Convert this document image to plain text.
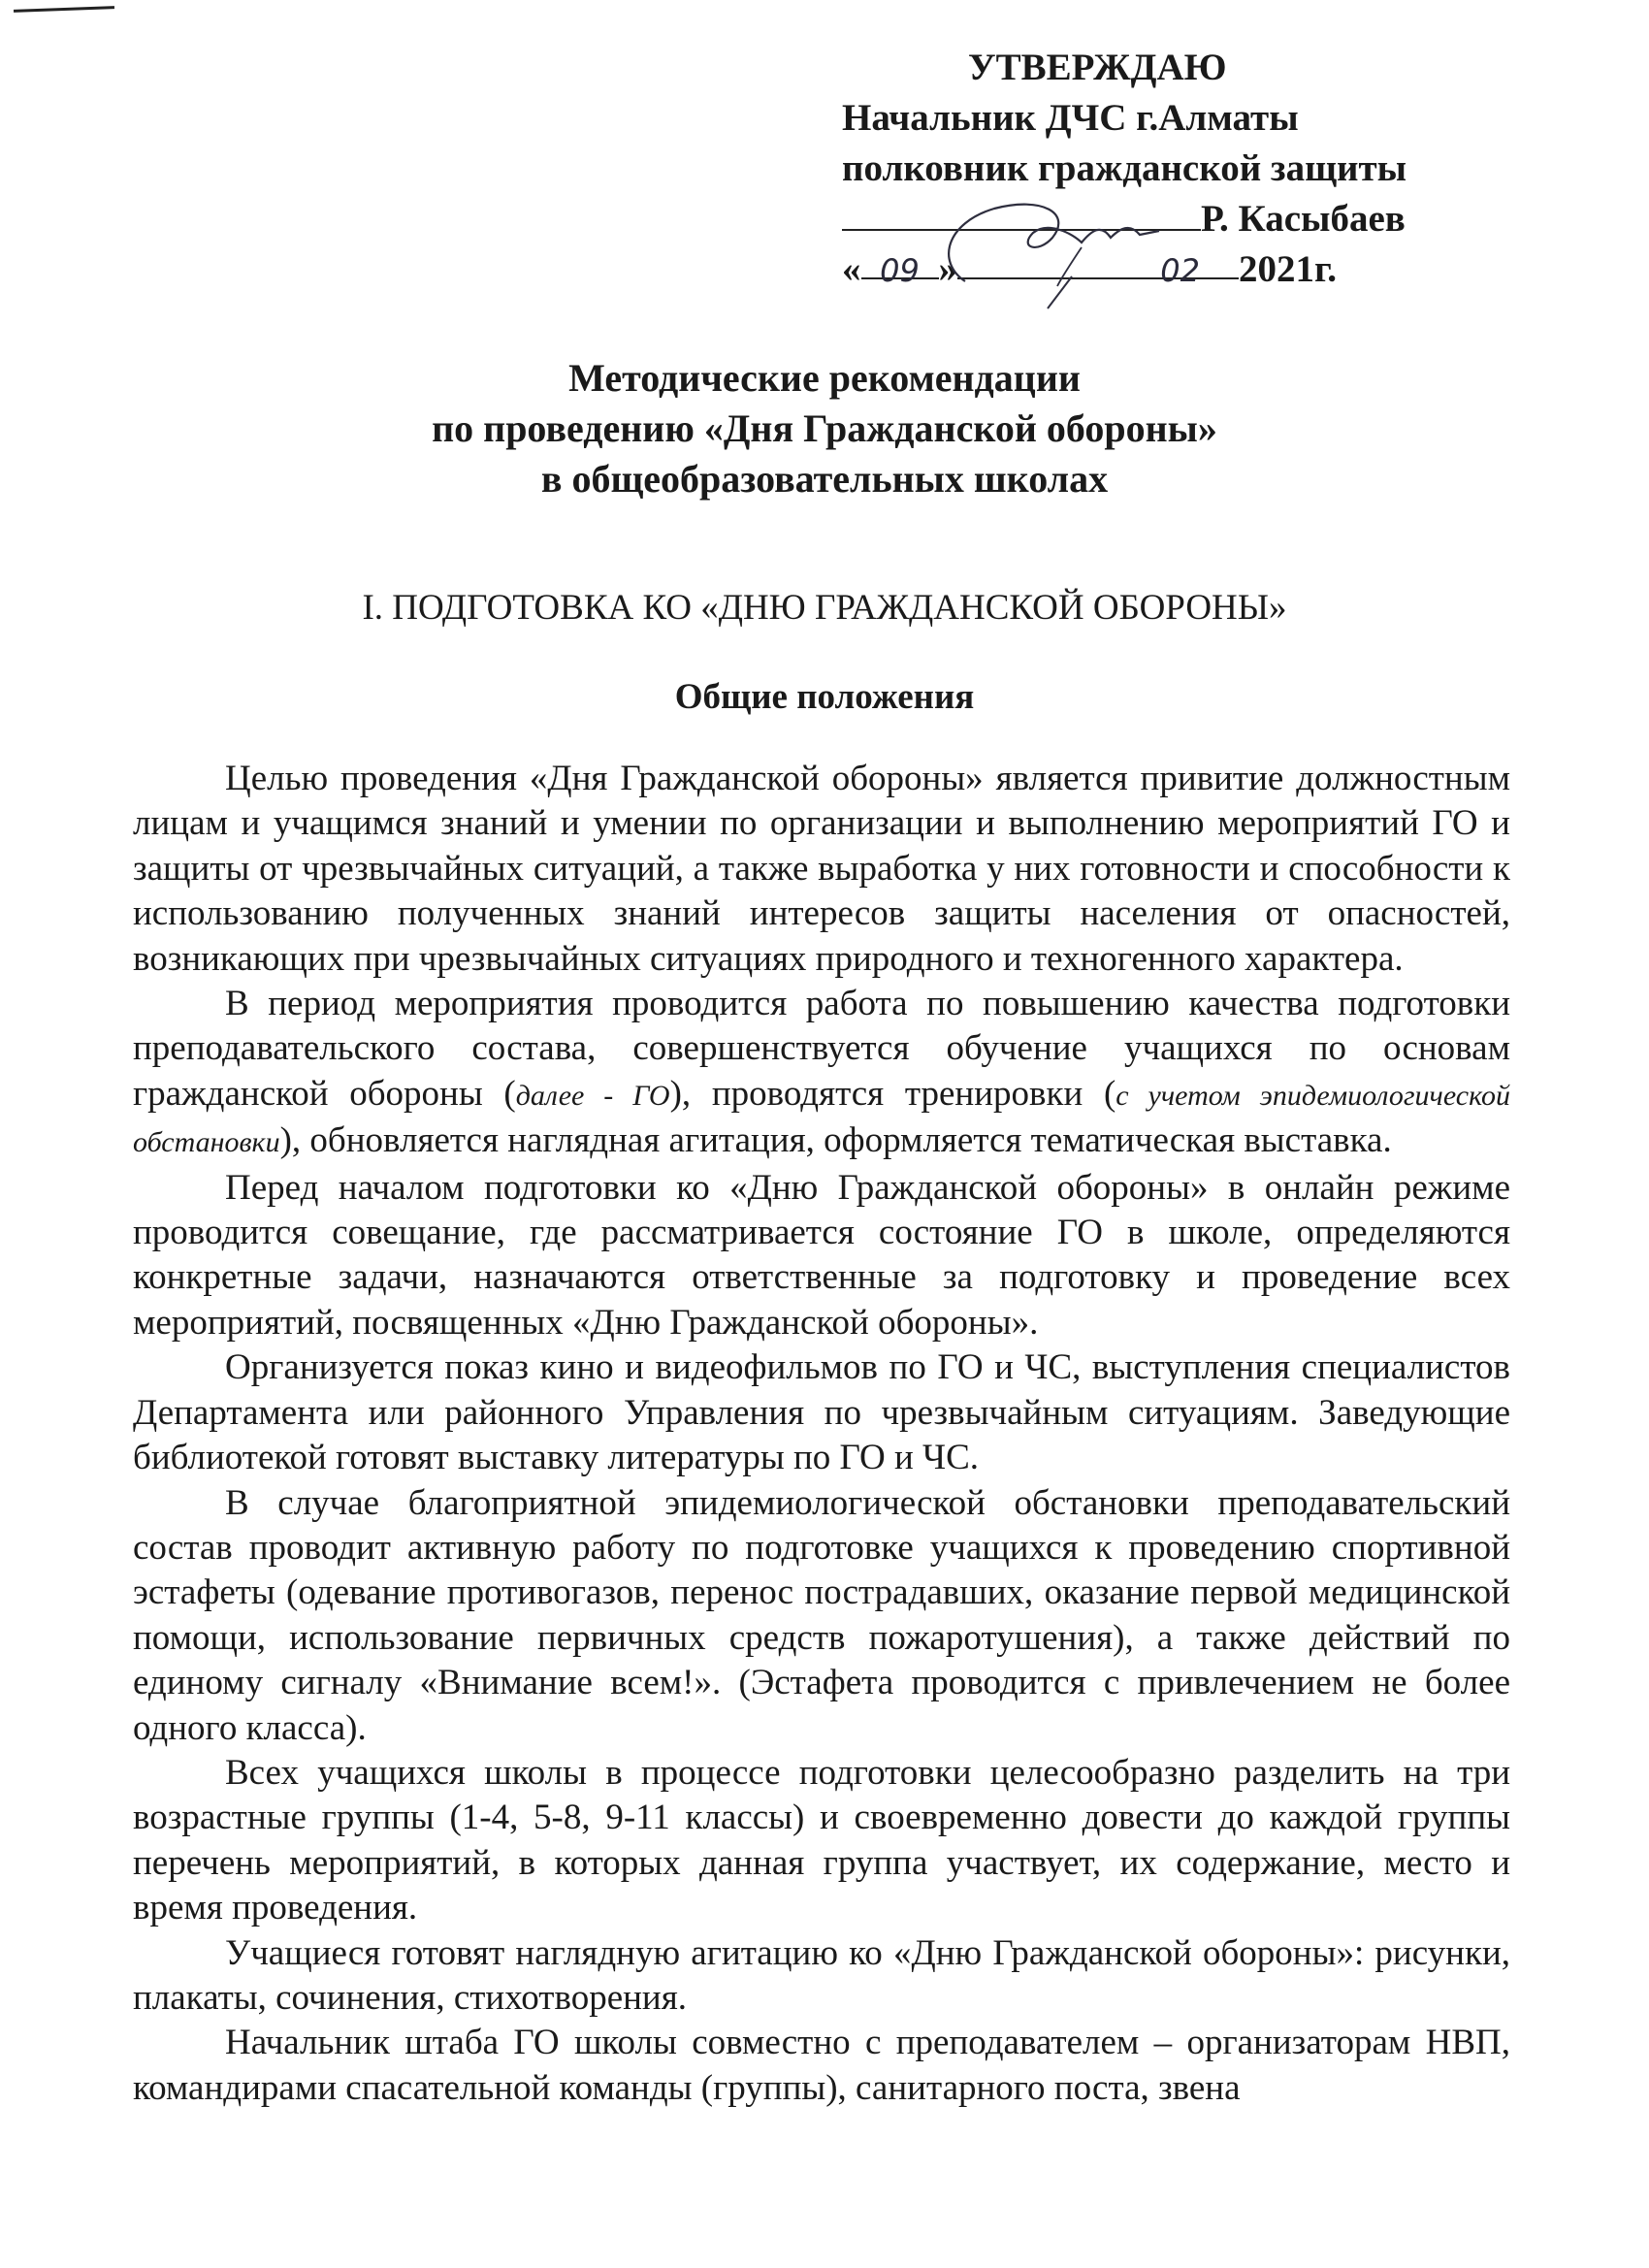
УТВЕРЖДАЮ
Начальник ДЧС г.Алматы
полковник гражданской защиты
Р. Касыбаев
« 09 »	02 2021г.
Методические рекомендации
по проведению «Дня Гражданской обороны»
в общеобразовательных школах
I. ПОДГОТОВКА КО «ДНЮ ГРАЖДАНСКОЙ ОБОРОНЫ»
Общие положения

Целью проведения «Дня Гражданской обороны» является привитие должностным лицам и учащимся знаний и умении по организации и выполнению мероприятий ГО и защиты от чрезвычайных ситуаций, а также выработка у них готовности и способности к использованию полученных знаний интересов защиты населения от опасностей, возникающих при чрезвычайных ситуациях природного и техногенного характера.

В период мероприятия проводится работа по повышению качества подготовки преподавательского состава, совершенствуется обучение учащихся по основам гражданской обороны (далее - ГО), проводятся тренировки (с учетом эпидемиологической обстановки), обновляется наглядная агитация, оформляется тематическая выставка.

Перед началом подготовки ко «Дню Гражданской обороны» в онлайн режиме проводится совещание, где рассматривается состояние ГО в школе, определяются конкретные задачи, назначаются ответственные за подготовку и проведение всех мероприятий, посвященных «Дню Гражданской обороны».

Организуется показ кино и видеофильмов по ГО и ЧС, выступления специалистов Департамента или районного Управления по чрезвычайным ситуациям. Заведующие библиотекой готовят выставку литературы по ГО и ЧС.

В случае благоприятной эпидемиологической обстановки преподавательский состав проводит активную работу по подготовке учащихся к проведению спортивной эстафеты (одевание противогазов, перенос пострадавших, оказание первой медицинской помощи, использование первичных средств пожаротушения), а также действий по единому сигналу «Внимание всем!». (Эстафета проводится с привлечением не более одного класса).

Всех учащихся школы в процессе подготовки целесообразно разделить на три возрастные группы (1-4, 5-8, 9-11 классы) и своевременно довести до каждой группы перечень мероприятий, в которых данная группа участвует, их содержание, место и время проведения.

Учащиеся готовят наглядную агитацию ко «Дню Гражданской обороны»: рисунки, плакаты, сочинения, стихотворения.

Начальник штаба ГО школы совместно с преподавателем – организаторам НВП, командирами спасательной команды (группы), санитарного поста, звена
